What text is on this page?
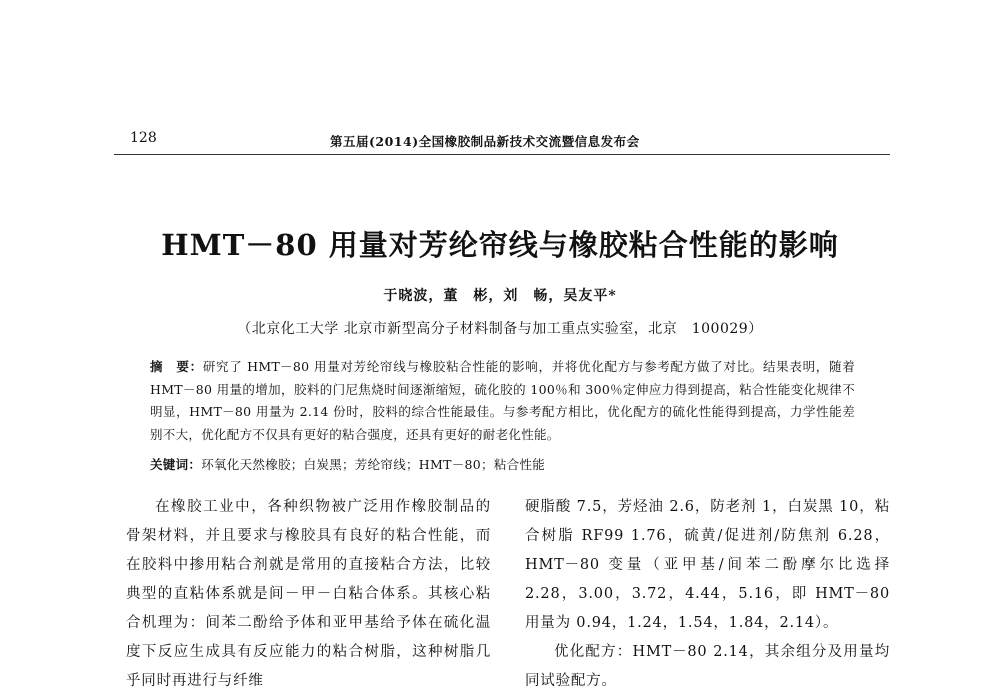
128	第五届(2014)全国橡胶制品新技术交流暨信息发布会
HMT－80 用量对芳纶帘线与橡胶粘合性能的影响
于晓波，董　彬，刘　畅，吴友平*
（北京化工大学 北京市新型高分子材料制备与加工重点实验室，北京　100029）
摘　要：研究了 HMT－80 用量对芳纶帘线与橡胶粘合性能的影响，并将优化配方与参考配方做了对比。结果表明，随着 HMT－80 用量的增加，胶料的门尼焦烧时间逐渐缩短，硫化胶的 100％和 300％定伸应力得到提高，粘合性能变化规律不明显，HMT－80 用量为 2.14 份时，胶料的综合性能最佳。与参考配方相比，优化配方的硫化性能得到提高，力学性能差别不大，优化配方不仅具有更好的粘合强度，还具有更好的耐老化性能。
关键词：环氧化天然橡胶；白炭黑；芳纶帘线；HMT－80；粘合性能

在橡胶工业中，各种织物被广泛用作橡胶制品的骨架材料，并且要求与橡胶具有良好的粘合性能，而在胶料中掺用粘合剂就是常用的直接粘合方法，比较典型的直粘体系就是间－甲－白粘合体系。其核心粘合机理为：间苯二酚给予体和亚甲基给予体在硫化温度下反应生成具有反应能力的粘合树脂，这种树脂几乎同时再进行与纤维

硬脂酸 7.5，芳烃油 2.6，防老剂 1，白炭黑 10，粘合树脂 RF99 1.76，硫黄/促进剂/防焦剂 6.28，HMT－80 变量（亚甲基/间苯二酚摩尔比选择 2.28，3.00，3.72，4.44，5.16，即 HMT－80 用量为 0.94，1.24，1.54，1.84，2.14）。

优化配方：HMT－80 2.14，其余组分及用量均同试验配方。
